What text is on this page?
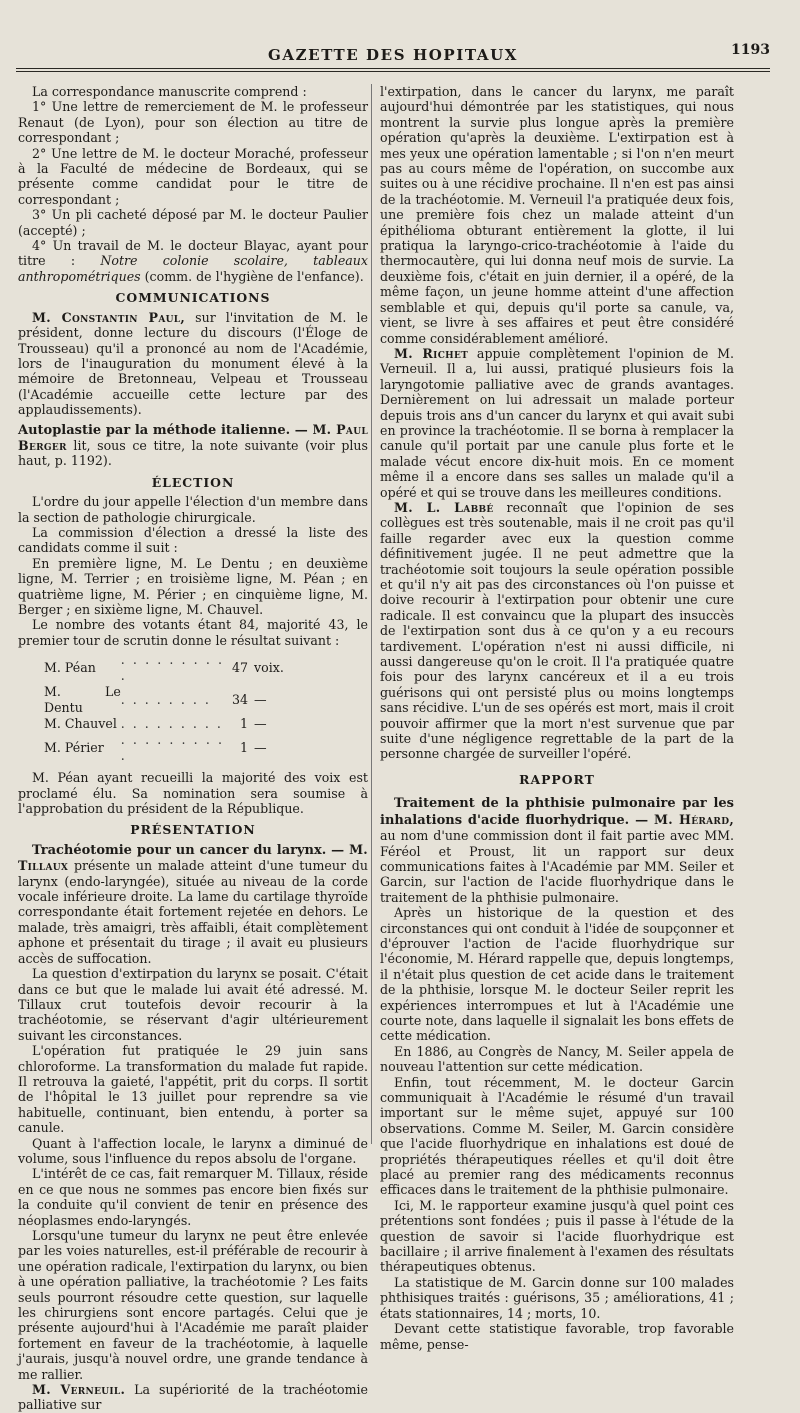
GAZETTE DES HOPITAUX	1193

La correspondance manuscrite comprend :

1° Une lettre de remerciement de M. le professeur Renaut (de Lyon), pour son élection au titre de correspondant ;

2° Une lettre de M. le docteur Moraché, professeur à la Faculté de médecine de Bordeaux, qui se présente comme candidat pour le titre de correspondant ;

3° Un pli cacheté déposé par M. le docteur Paulier (accepté) ;

4° Un travail de M. le docteur Blayac, ayant pour titre : Notre colonie scolaire, tableaux anthropométriques (comm. de l'hygiène de l'enfance).

COMMUNICATIONS

M. Constantin Paul, sur l'invitation de M. le président, donne lecture du discours (l'Éloge de Trousseau) qu'il a prononcé au nom de l'Académie, lors de l'inauguration du monument élevé à la mémoire de Bretonneau, Velpeau et Trousseau (l'Académie accueille cette lecture par des applaudissements).

Autoplastie par la méthode italienne. — M. Paul Berger lit, sous ce titre, la note suivante (voir plus haut, p. 1192).

ÉLECTION

L'ordre du jour appelle l'élection d'un membre dans la section de pathologie chirurgicale.

La commission d'élection a dressé la liste des candidats comme il suit :

En première ligne, M. Le Dentu ; en deuxième ligne, M. Terrier ; en troisième ligne, M. Péan ; en quatrième ligne, M. Périer ; en cinquième ligne, M. Berger ; en sixième ligne, M. Chauvel.

Le nombre des votants étant 84, majorité 43, le premier tour de scrutin donne le résultat suivant :

M. Péan	. . . . . . . . . .	47	voix.
M. Le Dentu	. . . . . . . .	34	—
M. Chauvel	. . . . . . . . .	1	—
M. Périer	. . . . . . . . . .	1	—

M. Péan ayant recueilli la majorité des voix est proclamé élu. Sa nomination sera soumise à l'approbation du président de la République.

PRÉSENTATION

Trachéotomie pour un cancer du larynx. — M. Tillaux présente un malade atteint d'une tumeur du larynx (endo-laryngée), située au niveau de la corde vocale inférieure droite. La lame du cartilage thyroïde correspondante était fortement rejetée en dehors. Le malade, très amaigri, très affaibli, était complètement aphone et présentait du tirage ; il avait eu plusieurs accès de suffocation.

La question d'extirpation du larynx se posait. C'était dans ce but que le malade lui avait été adressé. M. Tillaux crut toutefois devoir recourir à la trachéotomie, se réservant d'agir ultérieurement suivant les circonstances.

L'opération fut pratiquée le 29 juin sans chloroforme. La transformation du malade fut rapide. Il retrouva la gaieté, l'appétit, prit du corps. Il sortit de l'hôpital le 13 juillet pour reprendre sa vie habituelle, continuant, bien entendu, à porter sa canule.

Quant à l'affection locale, le larynx a diminué de volume, sous l'influence du repos absolu de l'organe.

L'intérêt de ce cas, fait remarquer M. Tillaux, réside en ce que nous ne sommes pas encore bien fixés sur la conduite qu'il convient de tenir en présence des néoplasmes endo-laryngés.

Lorsqu'une tumeur du larynx ne peut être enlevée par les voies naturelles, est-il préférable de recourir à une opération radicale, l'extirpation du larynx, ou bien à une opération palliative, la trachéotomie ? Les faits seuls pourront résoudre cette question, sur laquelle les chirurgiens sont encore partagés. Celui que je présente aujourd'hui à l'Académie me paraît plaider fortement en faveur de la trachéotomie, à laquelle j'aurais, jusqu'à nouvel ordre, une grande tendance à me rallier.

M. Verneuil. La supériorité de la trachéotomie palliative sur

l'extirpation, dans le cancer du larynx, me paraît aujourd'hui démontrée par les statistiques, qui nous montrent la survie plus longue après la première opération qu'après la deuxième. L'extirpation est à mes yeux une opération lamentable ; si l'on n'en meurt pas au cours même de l'opération, on succombe aux suites ou à une récidive prochaine. Il n'en est pas ainsi de la trachéotomie. M. Verneuil l'a pratiquée deux fois, une première fois chez un malade atteint d'un épithélioma obturant entièrement la glotte, il lui pratiqua la laryngo-crico-trachéotomie à l'aide du thermocautère, qui lui donna neuf mois de survie. La deuxième fois, c'était en juin dernier, il a opéré, de la même façon, un jeune homme atteint d'une affection semblable et qui, depuis qu'il porte sa canule, va, vient, se livre à ses affaires et peut être considéré comme considérablement amélioré.

M. Richet appuie complètement l'opinion de M. Verneuil. Il a, lui aussi, pratiqué plusieurs fois la laryngotomie palliative avec de grands avantages. Dernièrement on lui adressait un malade porteur depuis trois ans d'un cancer du larynx et qui avait subi en province la trachéotomie. Il se borna à remplacer la canule qu'il portait par une canule plus forte et le malade vécut encore dix-huit mois. En ce moment même il a encore dans ses salles un malade qu'il a opéré et qui se trouve dans les meilleures conditions.

M. L. Labbé reconnaît que l'opinion de ses collègues est très soutenable, mais il ne croit pas qu'il faille regarder avec eux la question comme définitivement jugée. Il ne peut admettre que la trachéotomie soit toujours la seule opération possible et qu'il n'y ait pas des circonstances où l'on puisse et doive recourir à l'extirpation pour obtenir une cure radicale. Il est convaincu que la plupart des insuccès de l'extirpation sont dus à ce qu'on y a eu recours tardivement. L'opération n'est ni aussi difficile, ni aussi dangereuse qu'on le croit. Il l'a pratiquée quatre fois pour des larynx cancéreux et il a eu trois guérisons qui ont persisté plus ou moins longtemps sans récidive. L'un de ses opérés est mort, mais il croit pouvoir affirmer que la mort n'est survenue que par suite d'une négligence regrettable de la part de la personne chargée de surveiller l'opéré.

RAPPORT

Traitement de la phthisie pulmonaire par les inhalations d'acide fluorhydrique. — M. Hérard, au nom d'une commission dont il fait partie avec MM. Féréol et Proust, lit un rapport sur deux communications faites à l'Académie par MM. Seiler et Garcin, sur l'action de l'acide fluorhydrique dans le traitement de la phthisie pulmonaire.

Après un historique de la question et des circonstances qui ont conduit à l'idée de soupçonner et d'éprouver l'action de l'acide fluorhydrique sur l'économie, M. Hérard rappelle que, depuis longtemps, il n'était plus question de cet acide dans le traitement de la phthisie, lorsque M. le docteur Seiler reprit les expériences interrompues et lut à l'Académie une courte note, dans laquelle il signalait les bons effets de cette médication.

En 1886, au Congrès de Nancy, M. Seiler appela de nouveau l'attention sur cette médication.

Enfin, tout récemment, M. le docteur Garcin communiquait à l'Académie le résumé d'un travail important sur le même sujet, appuyé sur 100 observations. Comme M. Seiler, M. Garcin considère que l'acide fluorhydrique en inhalations est doué de propriétés thérapeutiques réelles et qu'il doit être placé au premier rang des médicaments reconnus efficaces dans le traitement de la phthisie pulmonaire.

Ici, M. le rapporteur examine jusqu'à quel point ces prétentions sont fondées ; puis il passe à l'étude de la question de savoir si l'acide fluorhydrique est bacillaire ; il arrive finalement à l'examen des résultats thérapeutiques obtenus.

La statistique de M. Garcin donne sur 100 malades phthisiques traités : guérisons, 35 ; améliorations, 41 ; états stationnaires, 14 ; morts, 10.

Devant cette statistique favorable, trop favorable même, pense-
